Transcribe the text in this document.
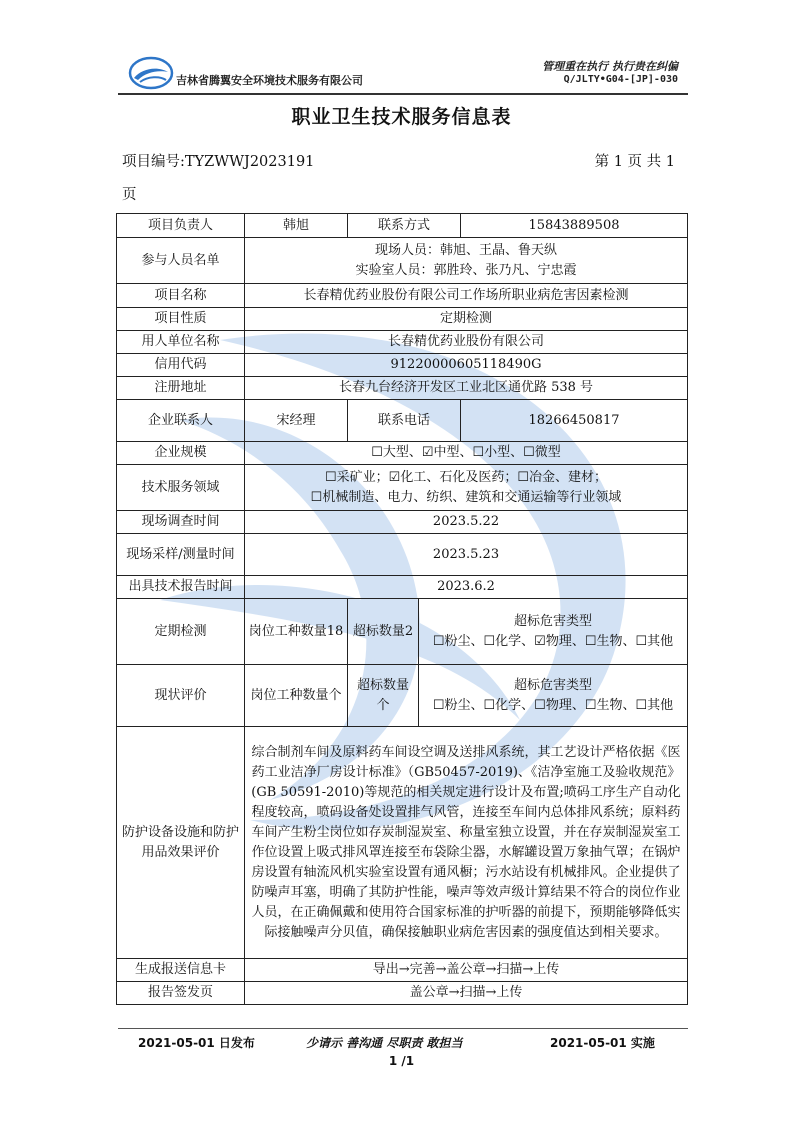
吉林省腾翼安全环境技术服务有限公司
管理重在执行 执行贵在纠偏
Q/JLTY•G04-[JP]-030
职业卫生技术服务信息表
项目编号:TYZWWJ2023191	第 1 页 共 1
页
项目负责人	韩旭	联系方式		15843889508
参与人员名单	现场人员：韩旭、王晶、鲁天纵
实验室人员：郭胜玲、张乃凡、宁忠霞			

项目名称	长春精优药业股份有限公司工作场所职业病危害因素检测			
项目性质	定期检测			
用人单位名称	长春精优药业股份有限公司			
信用代码	91220000605118490G			
注册地址	长春九台经济开发区工业北区通优路 538 号			
企业联系人	宋经理	联系电话		18266450817
企业规模	☐大型、☑中型、☐小型、☐微型			
技术服务领域	☐采矿业；☑化工、石化及医药；☐冶金、建材；
☐机械制造、电力、纺织、建筑和交通运输等行业领域			

现场调查时间	2023.5.22			
现场采样/测量时间	2023.5.23			
出具技术报告时间	2023.6.2			
定期检测	岗位工种数量18	超标数量2	超标危害类型
☐粉尘、☐化学、☑物理、☐生物、☐其他	

现状评价	岗位工种数量个	超标数量个	超标危害类型
☐粉尘、☐化学、☐物理、☐生物、☐其他	

防护设备设施和防护用品效果评价	综合制剂车间及原料药车间设空调及送排风系统，其工艺设计严格依据《医药工业洁净厂房设计标准》（GB50457-2019)、《洁净室施工及验收规范》(GB 50591-2010)等规范的相关规定进行设计及布置;喷码工序生产自动化程度较高，喷码设备处设置排气风管，连接至车间内总体排风系统；原料药车间产生粉尘岗位如存炭制湿炭室、称量室独立设置，并在存炭制湿炭室工作位设置上吸式排风罩连接至布袋除尘器，水解罐设置万象抽气罩；在锅炉房设置有轴流风机实验室设置有通风橱；污水站设有机械排风。企业提供了防噪声耳塞，明确了其防护性能，噪声等效声级计算结果不符合的岗位作业人员，在正确佩戴和使用符合国家标准的护听器的前提下，预期能够降低实际接触噪声分贝值，确保接触职业病危害因素的强度值达到相关要求。			
生成报送信息卡	导出→完善→盖公章→扫描→上传			
报告签发页	盖公章→扫描→上传			
2021-05-01 日发布	少请示 善沟通 尽职责 敢担当	2021-05-01 实施
1 /1
